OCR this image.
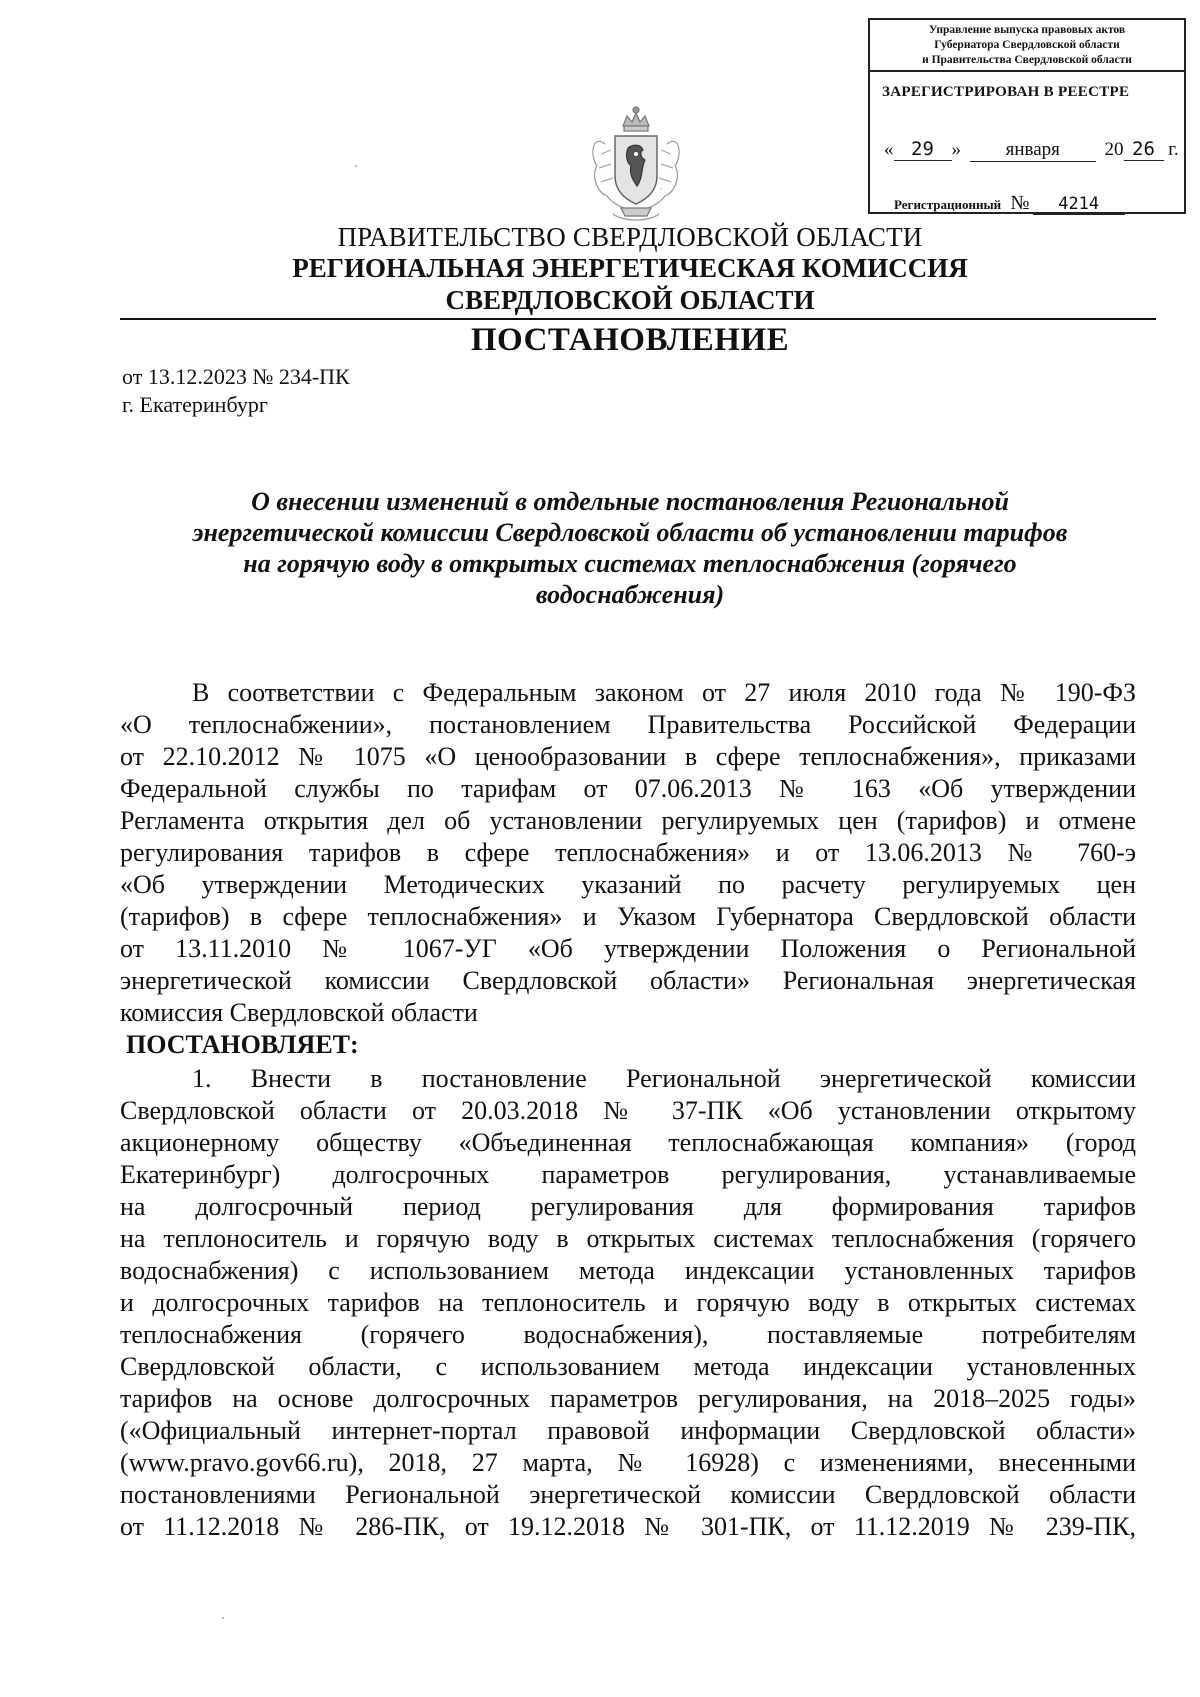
Управление выпуска правовых актов
Губернатора Свердловской области
и Правительства Свердловской области
ЗАРЕГИСТРИРОВАН В РЕЕСТРЕ
« 29 » января 20 26 г.
Регистрационный № 4214
ПРАВИТЕЛЬСТВО СВЕРДЛОВСКОЙ ОБЛАСТИ
РЕГИОНАЛЬНАЯ ЭНЕРГЕТИЧЕСКАЯ КОМИССИЯ
СВЕРДЛОВСКОЙ ОБЛАСТИ
ПОСТАНОВЛЕНИЕ
от 13.12.2023 № 234-ПК
г. Екатеринбург
О внесении изменений в отдельные постановления Региональной
энергетической комиссии Свердловской области об установлении тарифов
на горячую воду в открытых системах теплоснабжения (горячего
водоснабжения)
В соответствии с Федеральным законом от 27 июля 2010 года № 190-ФЗ
«О теплоснабжении», постановлением Правительства Российской Федерации
от 22.10.2012 № 1075 «О ценообразовании в сфере теплоснабжения», приказами
Федеральной службы по тарифам от 07.06.2013 № 163 «Об утверждении
Регламента открытия дел об установлении регулируемых цен (тарифов) и отмене
регулирования тарифов в сфере теплоснабжения» и от 13.06.2013 № 760-э
«Об утверждении Методических указаний по расчету регулируемых цен
(тарифов) в сфере теплоснабжения» и Указом Губернатора Свердловской области
от 13.11.2010 № 1067-УГ «Об утверждении Положения о Региональной
энергетической комиссии Свердловской области» Региональная энергетическая
комиссия Свердловской области
ПОСТАНОВЛЯЕТ:
1. Внести в постановление Региональной энергетической комиссии
Свердловской области от 20.03.2018 № 37-ПК «Об установлении открытому
акционерному обществу «Объединенная теплоснабжающая компания» (город
Екатеринбург) долгосрочных параметров регулирования, устанавливаемые
на долгосрочный период регулирования для формирования тарифов
на теплоноситель и горячую воду в открытых системах теплоснабжения (горячего
водоснабжения) с использованием метода индексации установленных тарифов
и долгосрочных тарифов на теплоноситель и горячую воду в открытых системах
теплоснабжения (горячего водоснабжения), поставляемые потребителям
Свердловской области, с использованием метода индексации установленных
тарифов на основе долгосрочных параметров регулирования, на 2018–2025 годы»
(«Официальный интернет-портал правовой информации Свердловской области»
(www.pravo.gov66.ru), 2018, 27 марта, № 16928) с изменениями, внесенными
постановлениями Региональной энергетической комиссии Свердловской области
от 11.12.2018 № 286-ПК, от 19.12.2018 № 301-ПК, от 11.12.2019 № 239-ПК,
